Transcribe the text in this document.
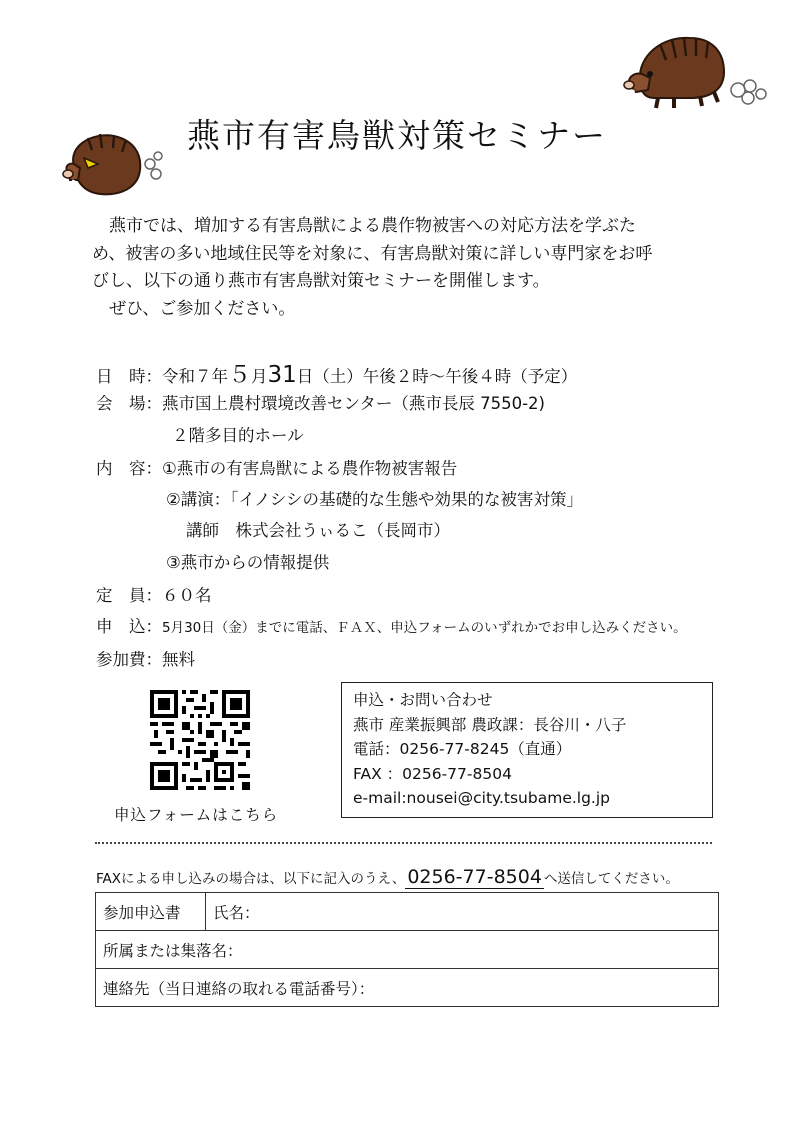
燕市有害鳥獣対策セミナー

　燕市では、増加する有害鳥獣による農作物被害への対応方法を学ぶた

め、被害の多い地域住民等を対象に、有害鳥獣対策に詳しい専門家をお呼

びし、以下の通り燕市有害鳥獣対策セミナーを開催します。

　ぜひ、ご参加ください。

日　時：令和７年５月31日（土）午後２時～午後４時（予定）
会　場：燕市国上農村環境改善センター（燕市長辰 7550-2)
２階多目的ホール
内　容：①燕市の有害鳥獣による農作物被害報告
②講演：「イノシシの基礎的な生態や効果的な被害対策」
講師　株式会社うぃるこ（長岡市）
③燕市からの情報提供
定　員：６０名
申　込：5月30日（金）までに電話、ＦＡＸ、申込フォームのいずれかでお申し込みください。
参加費：無料
申込フォームはこちら
申込・お問い合わせ
燕市 産業振興部 農政課：長谷川・八子
電話：0256-77-8245（直通）
FAX ：0256-77-8504
e-mail:nousei@city.tsubame.lg.jp
FAXによる申し込みの場合は、以下に記入のうえ、 0256-77-8504 へ送信してください。
参加申込書	氏名：
所属または集落名：
連絡先（当日連絡の取れる電話番号）：
